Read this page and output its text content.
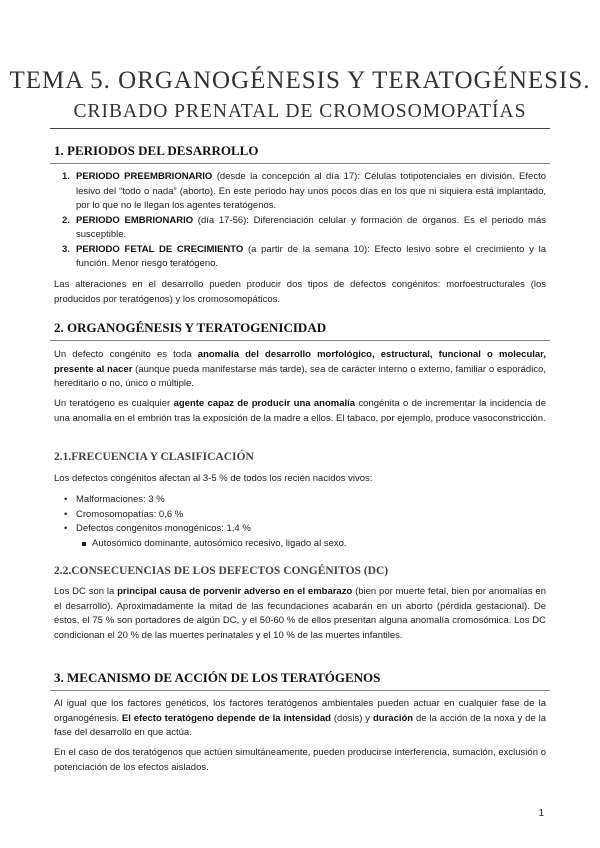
TEMA 5. ORGANOGÉNESIS Y TERATOGÉNESIS.
CRIBADO PRENATAL DE CROMOSOMOPATÍAS
1. PERIODOS DEL DESARROLLO
1. PERIODO PREEMBRIONARIO (desde la concepción al día 17): Células totipotenciales en división. Efecto lesivo del “todo o nada” (aborto). En este periodo hay unos pocos días en los que ni siquiera está implantado, por lo que no le llegan los agentes teratógenos.
2. PERIODO EMBRIONARIO (día 17-56): Diferenciación celular y formación de órganos. Es el periodo más susceptible.
3. PERIODO FETAL DE CRECIMIENTO (a partir de la semana 10): Efecto lesivo sobre el crecimiento y la función. Menor riesgo teratógeno.
Las alteraciones en el desarrollo pueden producir dos tipos de defectos congénitos: morfoestructurales (los producidos por teratógenos) y los cromosomopáticos.
2. ORGANOGÉNESIS Y TERATOGENICIDAD
Un defecto congénito es toda anomalía del desarrollo morfológico, estructural, funcional o molecular, presente al nacer (aunque pueda manifestarse más tarde), sea de carácter interno o externo, familiar o esporádico, hereditario o no, único o múltiple.
Un teratógeno es cualquier agente capaz de producir una anomalía congénita o de incrementar la incidencia de una anomalía en el embrión tras la exposición de la madre a ellos. El tabaco, por ejemplo, produce vasoconstricción.
2.1.FRECUENCIA Y CLASIFICACIÓN
Los defectos congénitos afectan al 3-5 % de todos los recién nacidos vivos:
• Malformaciones: 3 %
• Cromosomopatías: 0,6 %
• Defectos congénitos monogénicos: 1,4 %
Autosómico dominante, autosómico recesivo, ligado al sexo.
2.2.CONSECUENCIAS DE LOS DEFECTOS CONGÉNITOS (DC)
Los DC son la principal causa de porvenir adverso en el embarazo (bien por muerte fetal, bien por anomalías en el desarrollo). Aproximadamente la mitad de las fecundaciones acabarán en un aborto (pérdida gestacional). De éstos, el 75 % son portadores de algún DC, y el 50-60 % de ellos presentan alguna anomalía cromosómica. Los DC condicionan el 20 % de las muertes perinatales y el 10 % de las muertes infantiles.
3. MECANISMO DE ACCIÓN DE LOS TERATÓGENOS
Al igual que los factores genéticos, los factores teratógenos ambientales pueden actuar en cualquier fase de la organogénesis. El efecto teratógeno depende de la intensidad (dosis) y duración de la acción de la noxa y de la fase del desarrollo en que actúa.
En el caso de dos teratógenos que actúen simultáneamente, pueden producirse interferencia, sumación, exclusión o potenciación de los efectos aislados.
1
